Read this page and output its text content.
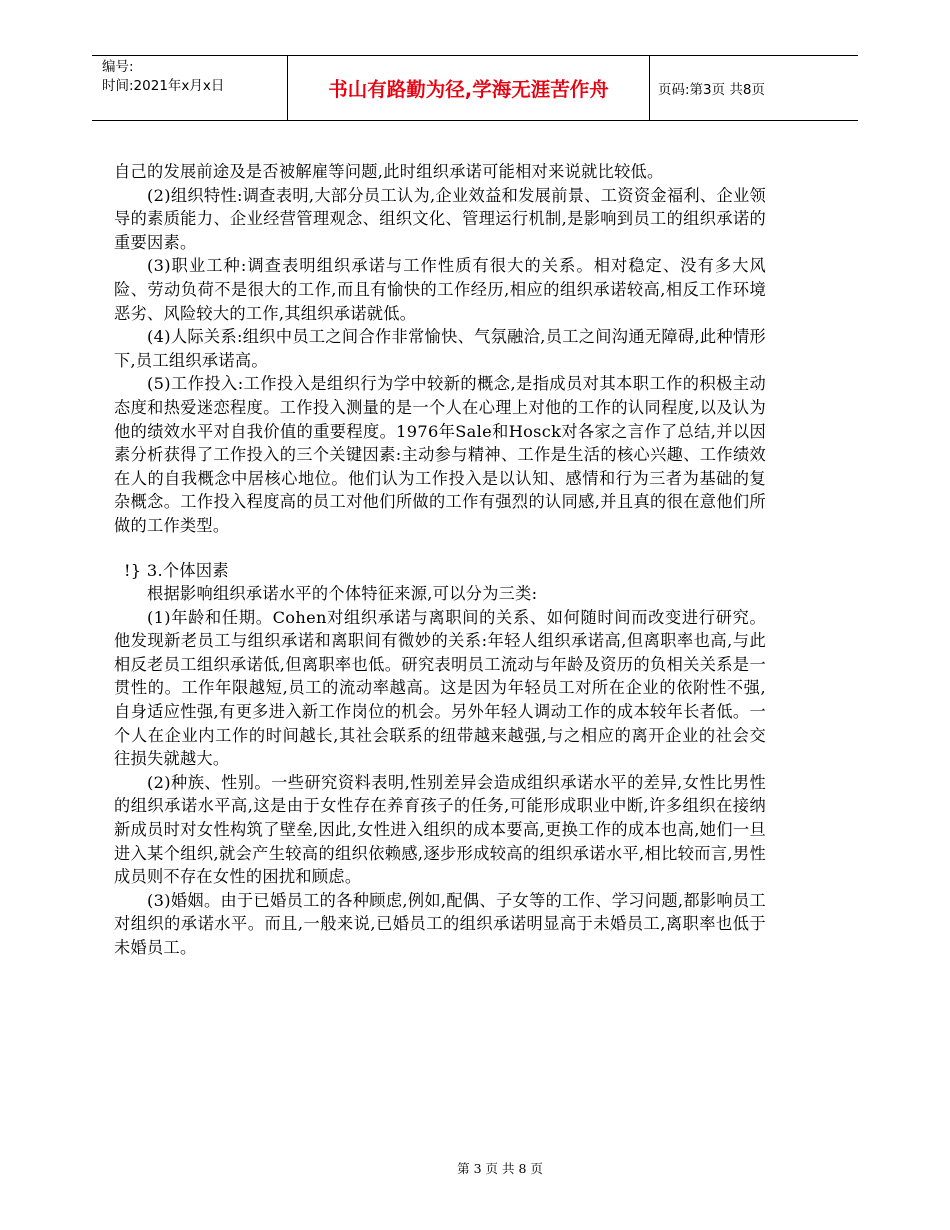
编号:
时间:2021年x月x日	书山有路勤为径,学海无涯苦作舟	页码:第3页 共8页

自己的发展前途及是否被解雇等问题,此时组织承诺可能相对来说就比较低。

(2)组织特性:调查表明,大部分员工认为,企业效益和发展前景、工资资金福利、企业领导的素质能力、企业经营管理观念、组织文化、管理运行机制,是影响到员工的组织承诺的重要因素。

(3)职业工种:调查表明组织承诺与工作性质有很大的关系。相对稳定、没有多大风险、劳动负荷不是很大的工作,而且有愉快的工作经历,相应的组织承诺较高,相反工作环境恶劣、风险较大的工作,其组织承诺就低。

(4)人际关系:组织中员工之间合作非常愉快、气氛融洽,员工之间沟通无障碍,此种情形下,员工组织承诺高。

(5)工作投入:工作投入是组织行为学中较新的概念,是指成员对其本职工作的积极主动态度和热爱迷恋程度。工作投入测量的是一个人在心理上对他的工作的认同程度,以及认为他的绩效水平对自我价值的重要程度。1976年Sale和Hosck对各家之言作了总结,并以因素分析获得了工作投入的三个关键因素:主动参与精神、工作是生活的核心兴趣、工作绩效在人的自我概念中居核心地位。他们认为工作投入是以认知、感情和行为三者为基础的复杂概念。工作投入程度高的员工对他们所做的工作有强烈的认同感,并且真的很在意他们所做的工作类型。

!} 3.个体因素

根据影响组织承诺水平的个体特征来源,可以分为三类:

(1)年龄和任期。Cohen对组织承诺与离职间的关系、如何随时间而改变进行研究。他发现新老员工与组织承诺和离职间有微妙的关系:年轻人组织承诺高,但离职率也高,与此相反老员工组织承诺低,但离职率也低。研究表明员工流动与年龄及资历的负相关关系是一贯性的。工作年限越短,员工的流动率越高。这是因为年轻员工对所在企业的依附性不强,自身适应性强,有更多进入新工作岗位的机会。另外年轻人调动工作的成本较年长者低。一个人在企业内工作的时间越长,其社会联系的纽带越来越强,与之相应的离开企业的社会交往损失就越大。

(2)种族、性别。一些研究资料表明,性别差异会造成组织承诺水平的差异,女性比男性的组织承诺水平高,这是由于女性存在养育孩子的任务,可能形成职业中断,许多组织在接纳新成员时对女性构筑了壁垒,因此,女性进入组织的成本要高,更换工作的成本也高,她们一旦进入某个组织,就会产生较高的组织依赖感,逐步形成较高的组织承诺水平,相比较而言,男性成员则不存在女性的困扰和顾虑。

(3)婚姻。由于已婚员工的各种顾虑,例如,配偶、子女等的工作、学习问题,都影响员工对组织的承诺水平。而且,一般来说,已婚员工的组织承诺明显高于未婚员工,离职率也低于未婚员工。

第 3 页 共 8 页
